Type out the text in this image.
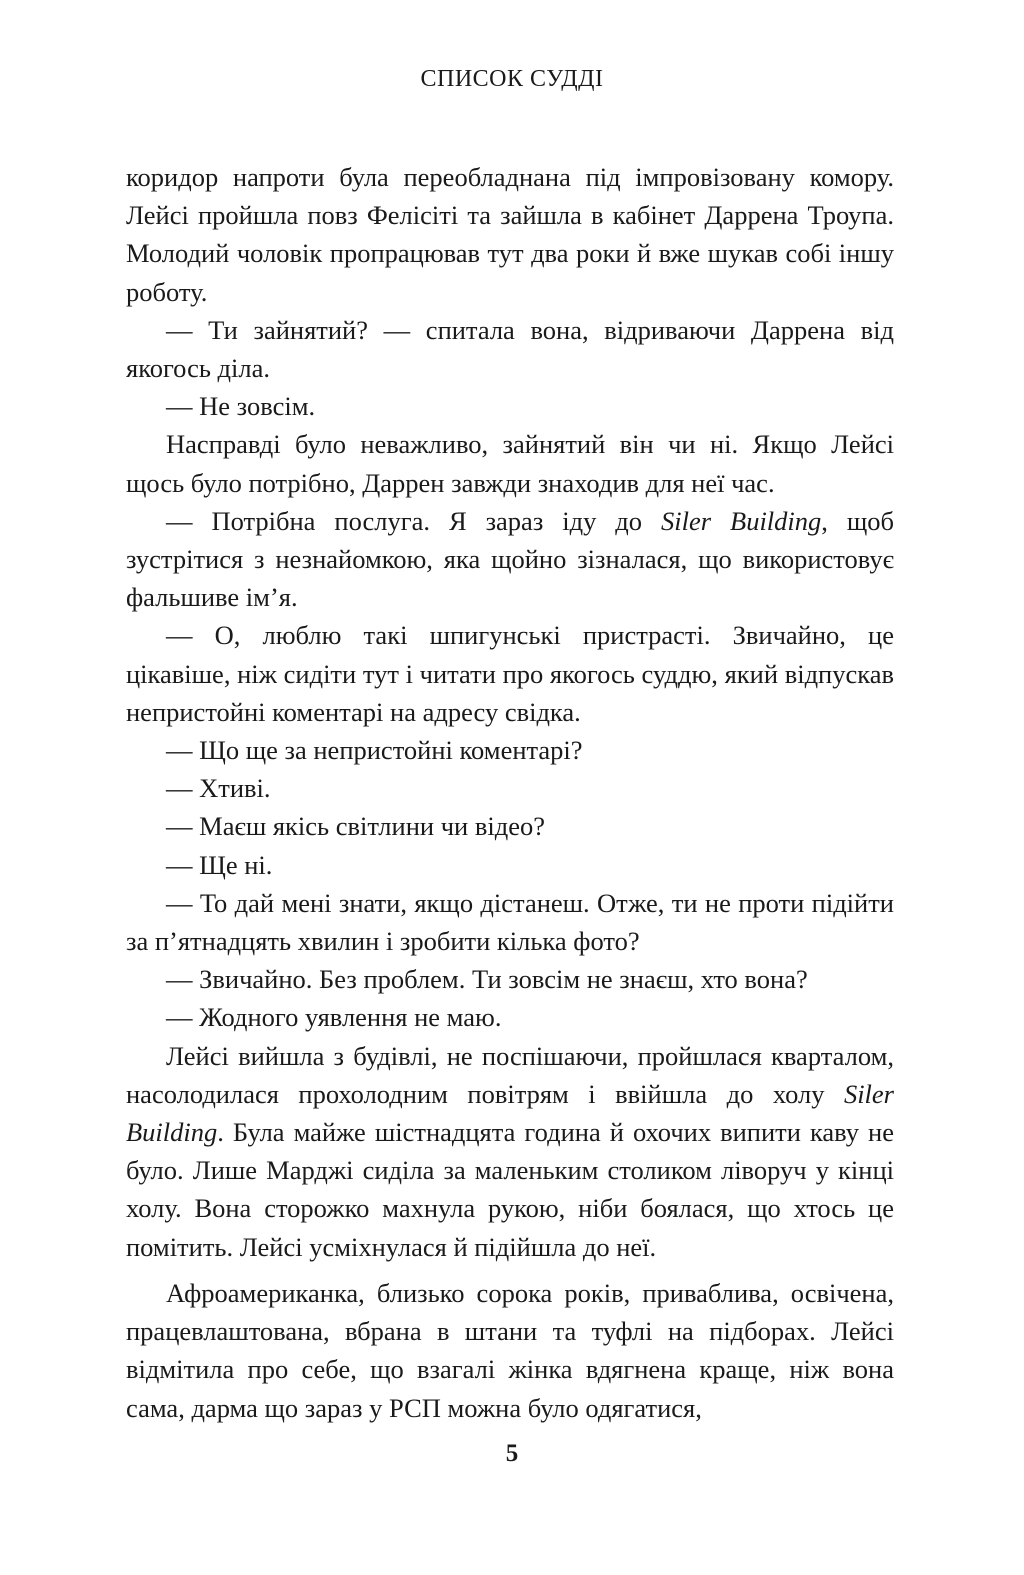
СПИСОК СУДДІ

коридор напроти була переобладнана під імпровізовану комору. Лейсі пройшла повз Фелісіті та зайшла в кабінет Даррена Троупа. Молодий чоловік пропрацював тут два роки й вже шукав собі іншу роботу.

— Ти зайнятий? — спитала вона, відриваючи Даррена від якогось діла.

— Не зовсім.

Насправді було неважливо, зайнятий він чи ні. Якщо Лейсі щось було потрібно, Даррен завжди знаходив для неї час.

— Потрібна послуга. Я зараз іду до Siler Building, щоб зустрітися з незнайомкою, яка щойно зізналася, що використовує фальшиве ім’я.

— О, люблю такі шпигунські пристрасті. Звичайно, це цікавіше, ніж сидіти тут і читати про якогось суддю, який відпускав непристойні коментарі на адресу свідка.

— Що ще за непристойні коментарі?

— Хтиві.

— Маєш якісь світлини чи відео?

— Ще ні.

— То дай мені знати, якщо дістанеш. Отже, ти не проти підійти за п’ятнадцять хвилин і зробити кілька фото?

— Звичайно. Без проблем. Ти зовсім не знаєш, хто вона?

— Жодного уявлення не маю.

Лейсі вийшла з будівлі, не поспішаючи, пройшлася кварталом, насолодилася прохолодним повітрям і ввійшла до холу Siler Building. Була майже шістнадцята година й охочих випити каву не було. Лише Марджі сиділа за маленьким столиком ліворуч у кінці холу. Вона сторожко махнула рукою, ніби боялася, що хтось це помітить. Лейсі усміхнулася й підійшла до неї.

Афроамериканка, близько сорока років, приваблива, освічена, працевлаштована, вбрана в штани та туфлі на підборах. Лейсі відмітила про себе, що взагалі жінка вдягнена краще, ніж вона сама, дарма що зараз у РСП можна було одягатися,

5
